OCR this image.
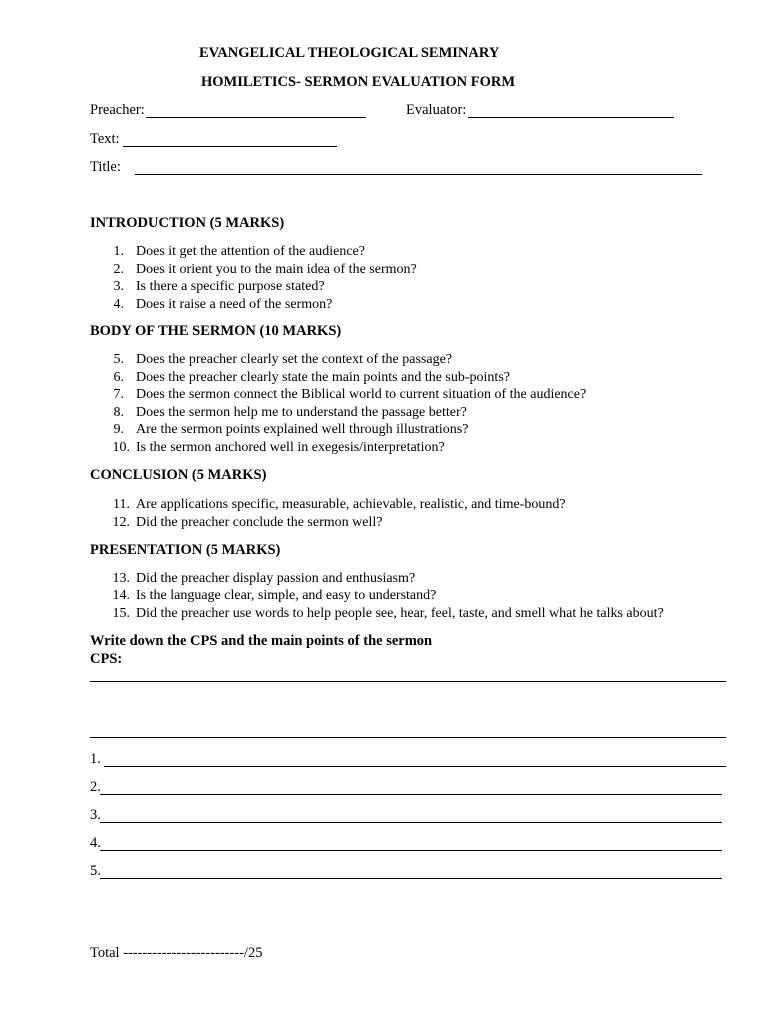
EVANGELICAL THEOLOGICAL SEMINARY
HOMILETICS- SERMON EVALUATION FORM
Preacher:	Evaluator:
Text:
Title:
INTRODUCTION (5 MARKS)
1. Does it get the attention of the audience?
2. Does it orient you to the main idea of the sermon?
3. Is there a specific purpose stated?
4. Does it raise a need of the sermon?
BODY OF THE SERMON (10 MARKS)
5. Does the preacher clearly set the context of the passage?
6. Does the preacher clearly state the main points and the sub-points?
7. Does the sermon connect the Biblical world to current situation of the audience?
8. Does the sermon help me to understand the passage better?
9. Are the sermon points explained well through illustrations?
10. Is the sermon anchored well in exegesis/interpretation?
CONCLUSION (5 MARKS)
11. Are applications specific, measurable, achievable, realistic, and time-bound?
12. Did the preacher conclude the sermon well?
PRESENTATION (5 MARKS)
13. Did the preacher display passion and enthusiasm?
14. Is the language clear, simple, and easy to understand?
15. Did the preacher use words to help people see, hear, feel, taste, and smell what he talks about?
Write down the CPS and the main points of the sermon
CPS:
1.
2.
3.
4.
5.
Total -------------------------/25
